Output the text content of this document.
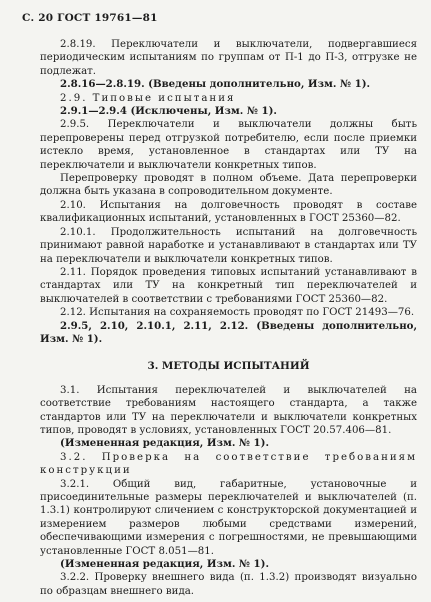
С. 20 ГОСТ 19761—81

2.8.19. Переключатели и выключатели, подвергавшиеся периодическим испытаниям по группам от П-1 до П-3, отгрузке не подлежат.

2.8.16—2.8.19. (Введены дополнительно, Изм. № 1).

2.9. Типовые испытания

2.9.1—2.9.4 (Исключены, Изм. № 1).

2.9.5. Переключатели и выключатели должны быть перепроверены перед отгрузкой потребителю, если после приемки истекло время, установленное в стандартах или ТУ на переключатели и выключатели конкретных типов.

Перепроверку проводят в полном объеме. Дата перепроверки должна быть указана в сопроводительном документе.

2.10. Испытания на долговечность проводят в составе квалификационных испытаний, установленных в ГОСТ 25360—82.

2.10.1. Продолжительность испытаний на долговечность принимают равной наработке и устанавливают в стандартах или ТУ на переключатели и выключатели конкретных типов.

2.11. Порядок проведения типовых испытаний устанавливают в стандартах или ТУ на конкретный тип переключателей и выключателей в соответствии с требованиями ГОСТ 25360—82.

2.12. Испытания на сохраняемость проводят по ГОСТ 21493—76.

2.9.5, 2.10, 2.10.1, 2.11, 2.12. (Введены дополнительно, Изм. № 1).

3. МЕТОДЫ ИСПЫТАНИЙ

3.1. Испытания переключателей и выключателей на соответствие требованиям настоящего стандарта, а также стандартов или ТУ на переключатели и выключатели конкретных типов, проводят в условиях, установленных ГОСТ 20.57.406—81.

(Измененная редакция, Изм. № 1).

3.2. Проверка на соответствие требованиям конструкции

3.2.1. Общий вид, габаритные, установочные и присоединительные размеры переключателей и выключателей (п. 1.3.1) контролируют сличением с конструкторской документацией и измерением размеров любыми средствами измерений, обеспечивающими измерения с погрешностями, не превышающими установленные ГОСТ 8.051—81.

(Измененная редакция, Изм. № 1).

3.2.2. Проверку внешнего вида (п. 1.3.2) производят визуально по образцам внешнего вида.
